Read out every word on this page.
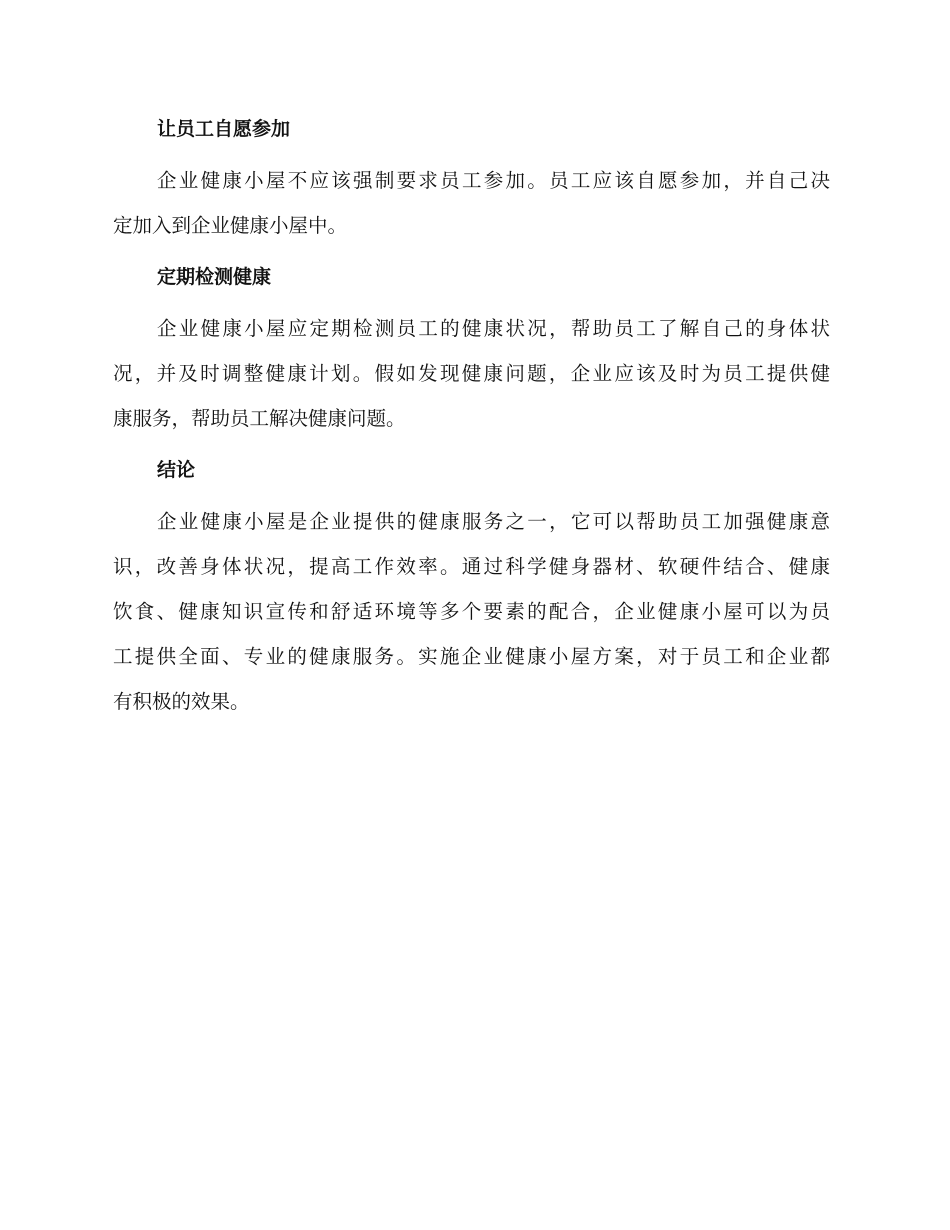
让员工自愿参加
企业健康小屋不应该强制要求员工参加。员工应该自愿参加，并自己决
定加入到企业健康小屋中。
定期检测健康
企业健康小屋应定期检测员工的健康状况，帮助员工了解自己的身体状
况，并及时调整健康计划。假如发现健康问题，企业应该及时为员工提供健
康服务，帮助员工解决健康问题。
结论
企业健康小屋是企业提供的健康服务之一，它可以帮助员工加强健康意
识，改善身体状况，提高工作效率。通过科学健身器材、软硬件结合、健康
饮食、健康知识宣传和舒适环境等多个要素的配合，企业健康小屋可以为员
工提供全面、专业的健康服务。实施企业健康小屋方案，对于员工和企业都
有积极的效果。
